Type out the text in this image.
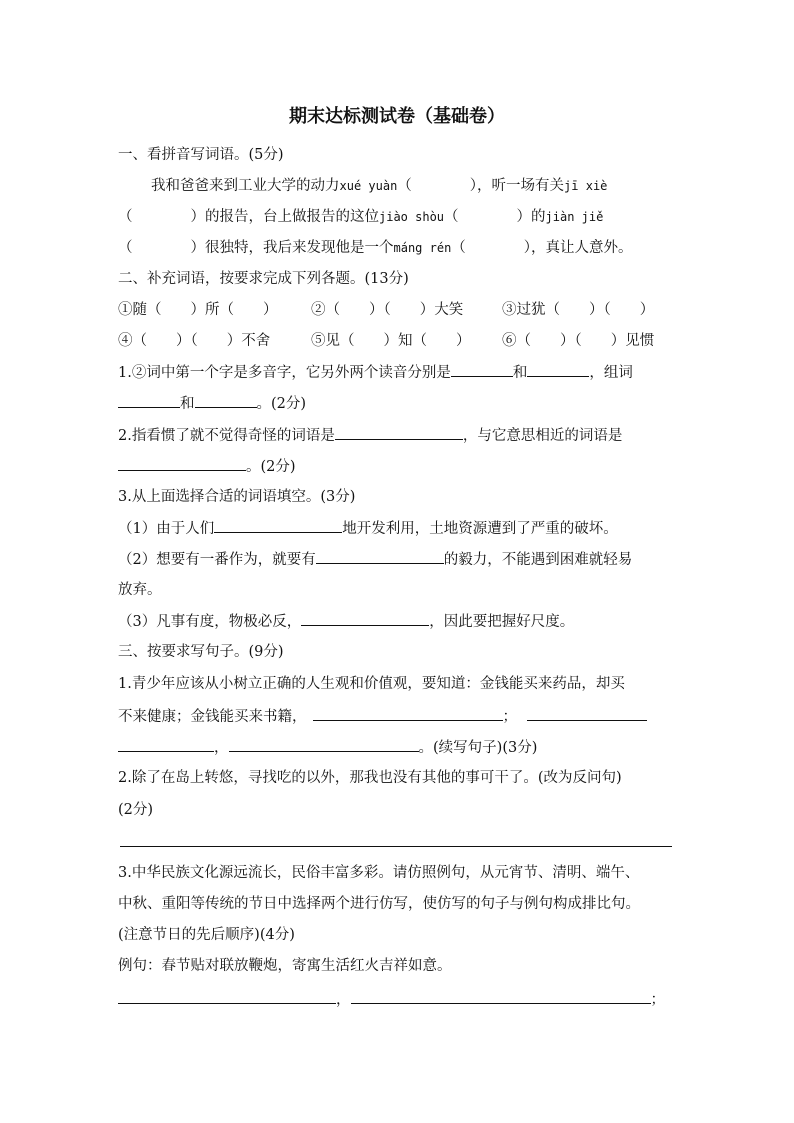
期末达标测试卷（基础卷）
一、看拼音写词语。(5分)
我和爸爸来到工业大学的动力xué yuàn（　　　　），听一场有关jī xiè
（　　　　）的报告，台上做报告的这位jiào shòu（　　　　）的jiàn jiě
（　　　　）很独特，我后来发现他是一个máng rén（　　　　），真让人意外。
二、补充词语，按要求完成下列各题。(13分)
①随（　　）所（　　） ②（　　）（　　）大笑	③过犹（　　）（　　）
④（　　）（　　）不舍	⑤见（　　）知（　　） ⑥（　　）（　　）见惯
1.②词中第一个字是多音字，它另外两个读音分别是	和	，组词
和	。(2分)
2.指看惯了就不觉得奇怪的词语是	，与它意思相近的词语是
。(2分)
3.从上面选择合适的词语填空。(3分)
（1）由于人们	地开发利用，土地资源遭到了严重的破坏。
（2）想要有一番作为，就要有	的毅力，不能遇到困难就轻易
放弃。
（3）凡事有度，物极必反，	，因此要把握好尺度。
三、按要求写句子。(9分)
1.青少年应该从小树立正确的人生观和价值观，要知道：金钱能买来药品，却买
不来健康；金钱能买来书籍，	；
，	。(续写句子)(3分)
2.除了在岛上转悠，寻找吃的以外，那我也没有其他的事可干了。(改为反问句)
(2分)
3.中华民族文化源远流长，民俗丰富多彩。请仿照例句，从元宵节、清明、端午、
中秋、重阳等传统的节日中选择两个进行仿写，使仿写的句子与例句构成排比句。
(注意节日的先后顺序)(4分)
例句：春节贴对联放鞭炮，寄寓生活红火吉祥如意。
，	；
